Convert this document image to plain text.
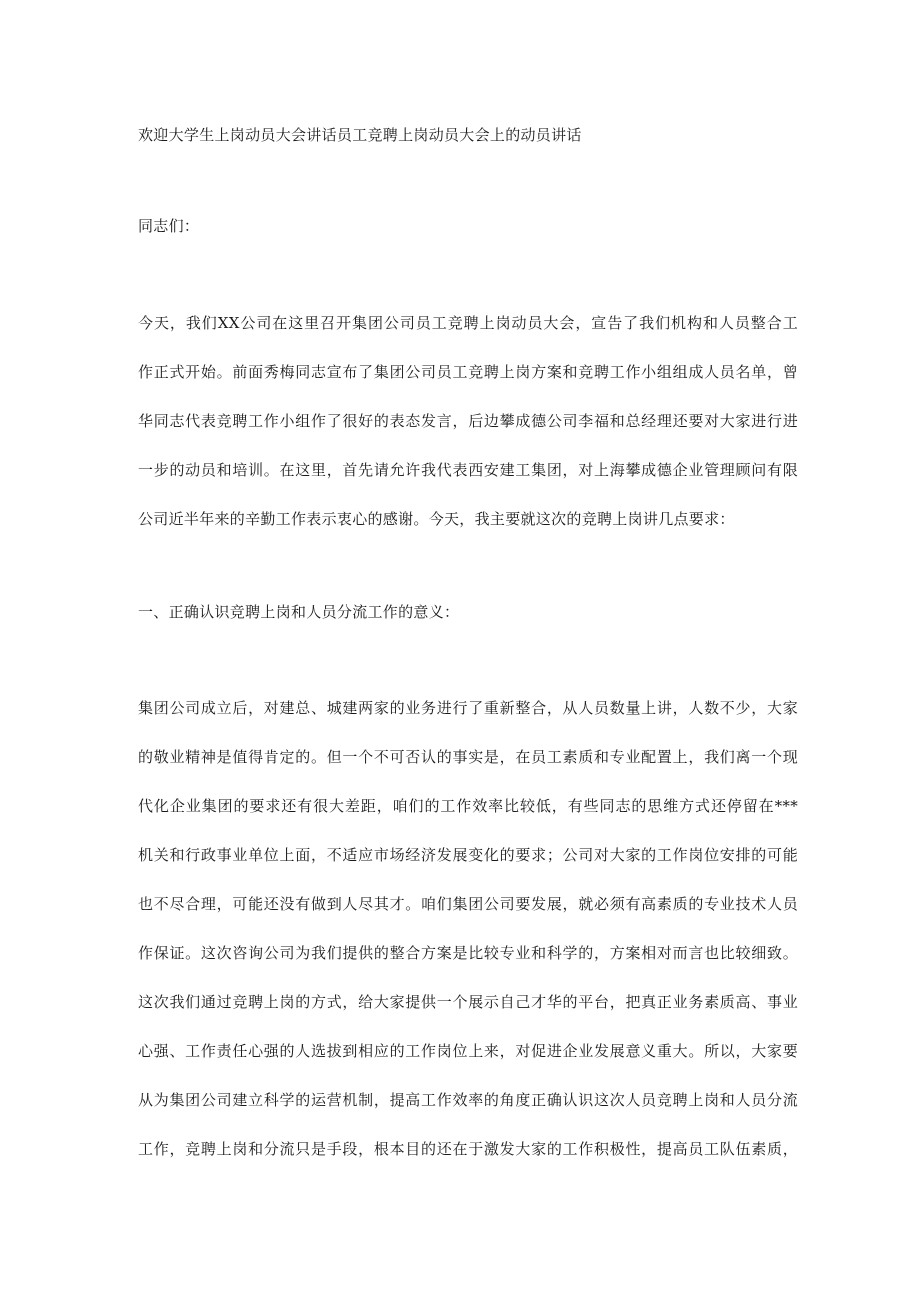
欢迎大学生上岗动员大会讲话员工竞聘上岗动员大会上的动员讲话
同志们：
今天，我们XX公司在这里召开集团公司员工竞聘上岗动员大会，宣告了我们机构和人员整合工
作正式开始。前面秀梅同志宣布了集团公司员工竞聘上岗方案和竞聘工作小组组成人员名单，曾
华同志代表竞聘工作小组作了很好的表态发言，后边攀成德公司李福和总经理还要对大家进行进
一步的动员和培训。在这里，首先请允许我代表西安建工集团，对上海攀成德企业管理顾问有限
公司近半年来的辛勤工作表示衷心的感谢。今天，我主要就这次的竞聘上岗讲几点要求：
一、正确认识竞聘上岗和人员分流工作的意义：
集团公司成立后，对建总、城建两家的业务进行了重新整合，从人员数量上讲，人数不少，大家
的敬业精神是值得肯定的。但一个不可否认的事实是，在员工素质和专业配置上，我们离一个现
代化企业集团的要求还有很大差距，咱们的工作效率比较低，有些同志的思维方式还停留在***
机关和行政事业单位上面，不适应市场经济发展变化的要求；公司对大家的工作岗位安排的可能
也不尽合理，可能还没有做到人尽其才。咱们集团公司要发展，就必须有高素质的专业技术人员
作保证。这次咨询公司为我们提供的整合方案是比较专业和科学的，方案相对而言也比较细致。
这次我们通过竞聘上岗的方式，给大家提供一个展示自己才华的平台，把真正业务素质高、事业
心强、工作责任心强的人选拔到相应的工作岗位上来，对促进企业发展意义重大。所以，大家要
从为集团公司建立科学的运营机制，提高工作效率的角度正确认识这次人员竞聘上岗和人员分流
工作，竞聘上岗和分流只是手段，根本目的还在于激发大家的工作积极性，提高员工队伍素质，
